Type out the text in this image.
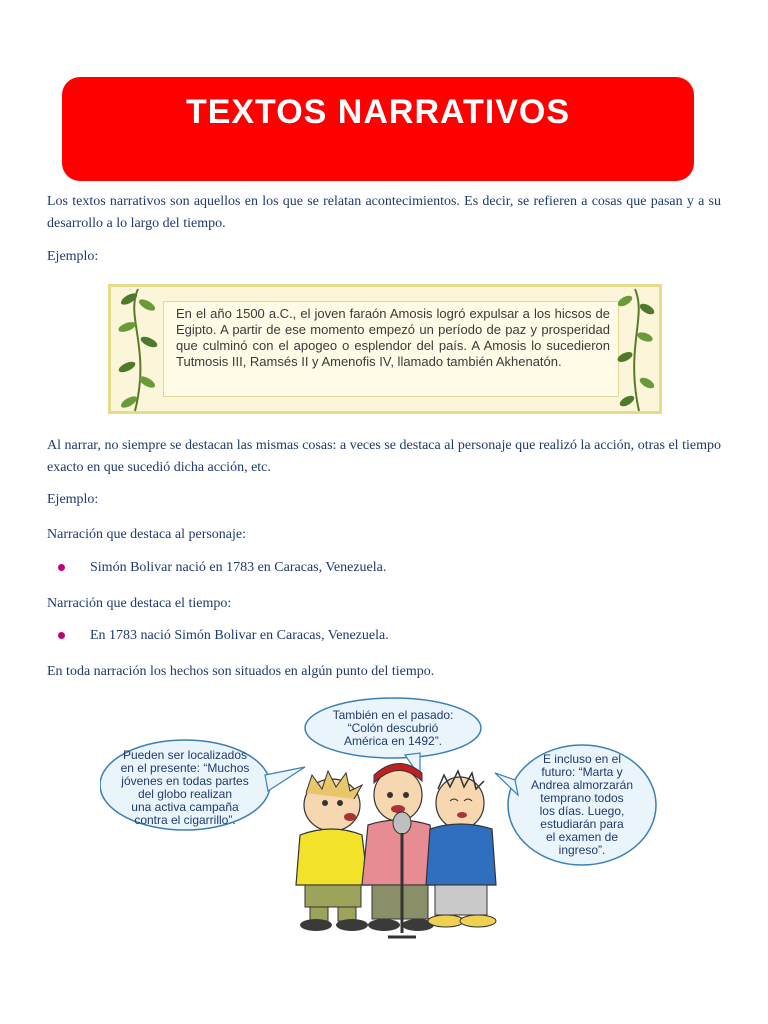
TEXTOS NARRATIVOS
Los textos narrativos son aquellos en los que se relatan acontecimientos. Es decir, se refieren a cosas que pasan y a su desarrollo a lo largo del tiempo.
Ejemplo:
En el año 1500 a.C., el joven faraón Amosis logró expulsar a los hicsos de Egipto. A partir de ese momento empezó un período de paz y prosperidad que culminó con el apogeo o esplendor del país. A Amosis lo sucedieron Tutmosis III, Ramsés II y Amenofis IV, llamado también Akhenatón.
Al narrar, no siempre se destacan las mismas cosas: a veces se destaca al personaje que realizó la acción, otras el tiempo exacto en que sucedió dicha acción, etc.
Ejemplo:
Narración que destaca al personaje:
Simón Bolivar nació en 1783 en Caracas, Venezuela.
Narración que destaca el tiempo:
En 1783 nació Simón Bolivar en Caracas, Venezuela.
En toda narración los hechos son situados en algún punto del tiempo.
También en el pasado:
“Colón descubrió
América en 1492”.
Pueden ser localizados
en el presente: “Muchos
jóvenes en todas partes
del globo realizan
una activa campaña
contra el cigarrillo”.
E incluso en el
futuro: “Marta y
Andrea almorzarán
temprano todos
los días. Luego,
estudiarán para
el examen de
ingreso”.
